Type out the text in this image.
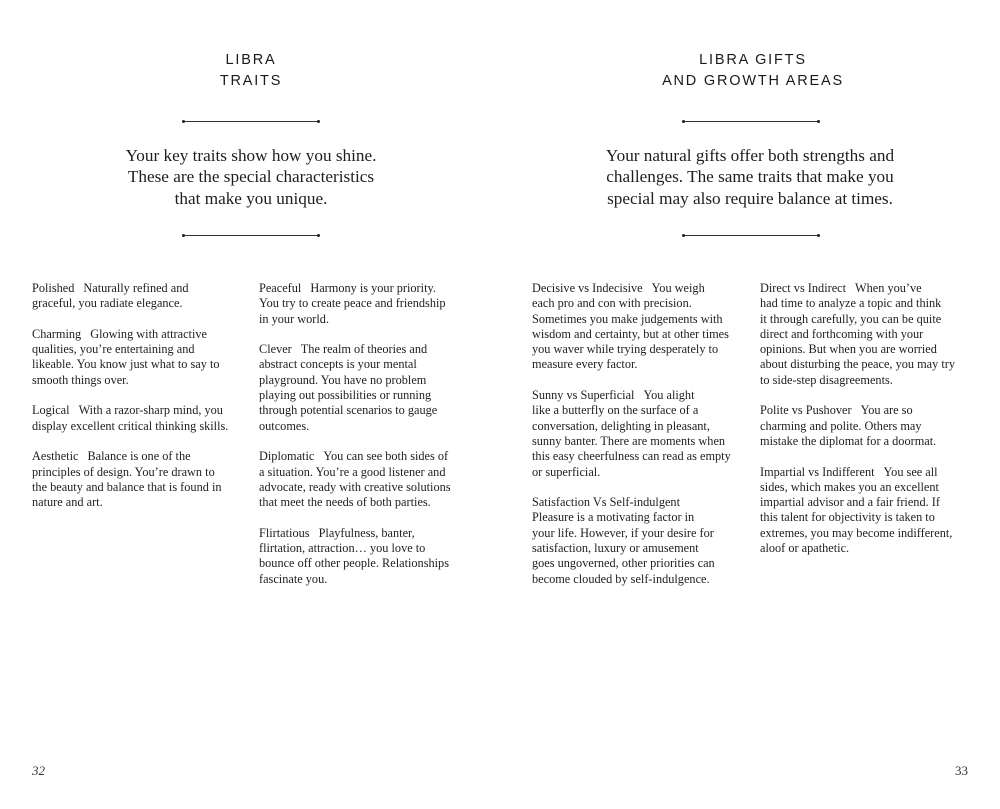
LIBRA
TRAITS
Your key traits show how you shine.
These are the special characteristics
that make you unique.
Polished Naturally refined and
graceful, you radiate elegance.
Charming Glowing with attractive
qualities, you’re entertaining and
likeable. You know just what to say to
smooth things over.
Logical With a razor-sharp mind, you
display excellent critical thinking skills.
Aesthetic Balance is one of the
principles of design. You’re drawn to
the beauty and balance that is found in
nature and art.
Peaceful Harmony is your priority.
You try to create peace and friendship
in your world.
Clever The realm of theories and
abstract concepts is your mental
playground. You have no problem
playing out possibilities or running
through potential scenarios to gauge
outcomes.
Diplomatic You can see both sides of
a situation. You’re a good listener and
advocate, ready with creative solutions
that meet the needs of both parties.
Flirtatious Playfulness, banter,
flirtation, attraction… you love to
bounce off other people. Relationships
fascinate you.
32
LIBRA GIFTS
AND GROWTH AREAS
Your natural gifts offer both strengths and
challenges. The same traits that make you
special may also require balance at times.
Decisive vs Indecisive You weigh
each pro and con with precision.
Sometimes you make judgements with
wisdom and certainty, but at other times
you waver while trying desperately to
measure every factor.
Sunny vs Superficial You alight
like a butterfly on the surface of a
conversation, delighting in pleasant,
sunny banter. There are moments when
this easy cheerfulness can read as empty
or superficial.
Satisfaction Vs Self-indulgent
Pleasure is a motivating factor in
your life. However, if your desire for
satisfaction, luxury or amusement
goes ungoverned, other priorities can
become clouded by self-indulgence.
Direct vs Indirect When you’ve
had time to analyze a topic and think
it through carefully, you can be quite
direct and forthcoming with your
opinions. But when you are worried
about disturbing the peace, you may try
to side-step disagreements.
Polite vs Pushover You are so
charming and polite. Others may
mistake the diplomat for a doormat.
Impartial vs Indifferent You see all
sides, which makes you an excellent
impartial advisor and a fair friend. If
this talent for objectivity is taken to
extremes, you may become indifferent,
aloof or apathetic.
33
